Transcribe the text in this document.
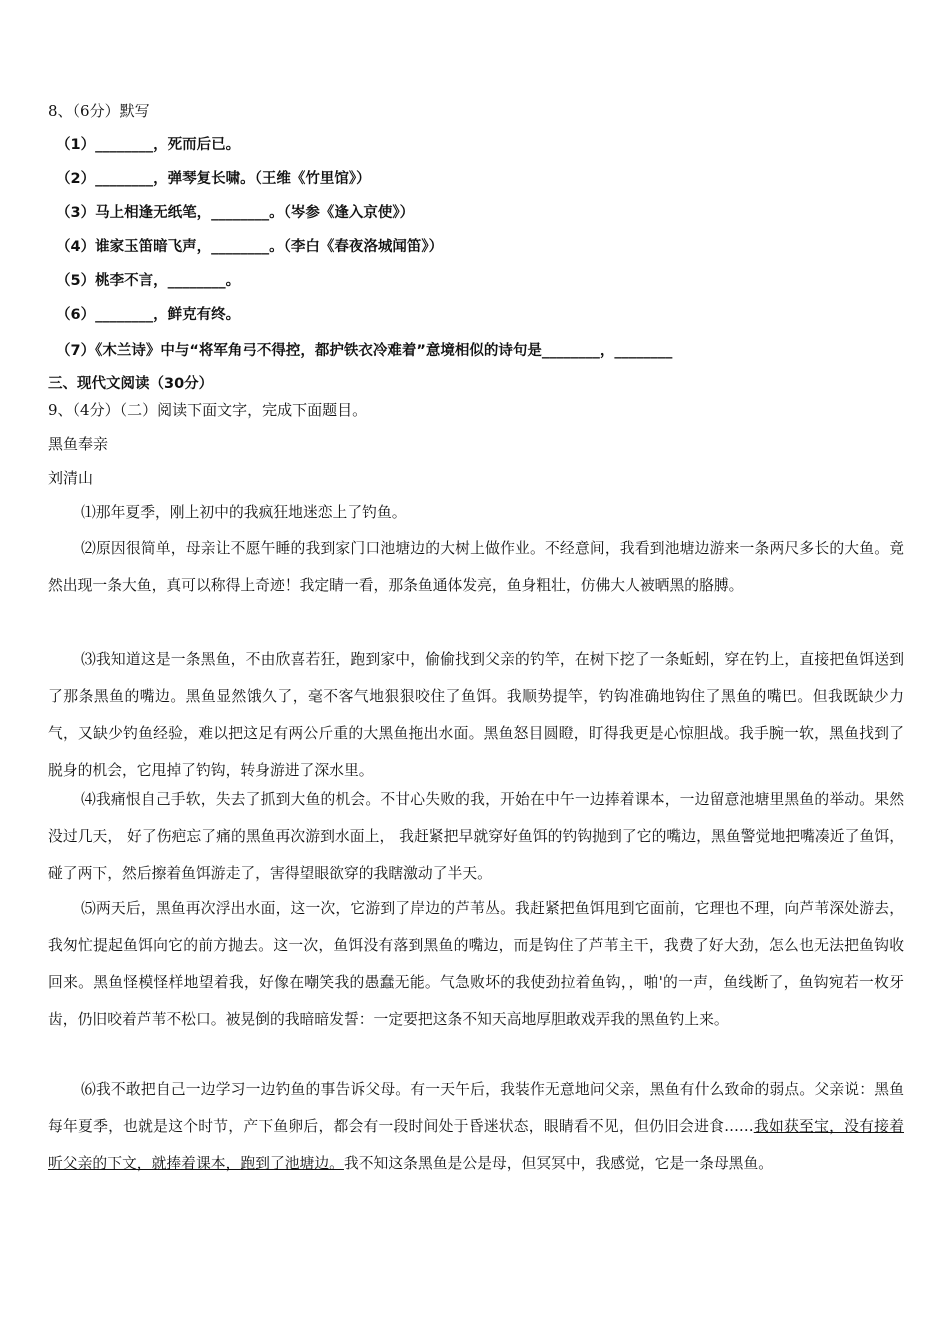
8、（6分）默写
（1）________，死而后已。
（2）________，弹琴复长啸。（王维《竹里馆》）
（3）马上相逢无纸笔，________。（岑参《逢入京使》）
（4）谁家玉笛暗飞声，________。（李白《春夜洛城闻笛》）
（5）桃李不言，________。
（6）________，鲜克有终。
（7）《木兰诗》中与“将军角弓不得控，都护铁衣冷难着”意境相似的诗句是________，________
三、现代文阅读（30分）
9、（4分）（二）阅读下面文字，完成下面题目。
黑鱼奉亲
刘清山
⑴那年夏季，刚上初中的我疯狂地迷恋上了钓鱼。
⑵原因很简单，母亲让不愿午睡的我到家门口池塘边的大树上做作业。不经意间，我看到池塘边游来一条两尺多长的大鱼。竟然出现一条大鱼，真可以称得上奇迹！我定睛一看，那条鱼通体发亮，鱼身粗壮，仿佛大人被晒黑的胳膊。
⑶我知道这是一条黑鱼，不由欣喜若狂，跑到家中，偷偷找到父亲的钓竿，在树下挖了一条蚯蚓，穿在钓上，直接把鱼饵送到了那条黑鱼的嘴边。黑鱼显然饿久了，毫不客气地狠狠咬住了鱼饵。我顺势提竿，钓钩准确地钩住了黑鱼的嘴巴。但我既缺少力气，又缺少钓鱼经验，难以把这足有两公斤重的大黑鱼拖出水面。黑鱼怒目圆瞪，盯得我更是心惊胆战。我手腕一软，黑鱼找到了脱身的机会，它甩掉了钓钩，转身游进了深水里。
⑷我痛恨自己手软，失去了抓到大鱼的机会。不甘心失败的我，开始在中午一边捧着课本，一边留意池塘里黑鱼的举动。果然没过几天， 好了伤疤忘了痛的黑鱼再次游到水面上， 我赶紧把早就穿好鱼饵的钓钩抛到了它的嘴边，黑鱼警觉地把嘴凑近了鱼饵，碰了两下，然后擦着鱼饵游走了，害得望眼欲穿的我瞎激动了半天。
⑸两天后，黑鱼再次浮出水面，这一次，它游到了岸边的芦苇丛。我赶紧把鱼饵甩到它面前，它理也不理，向芦苇深处游去，我匆忙提起鱼饵向它的前方抛去。这一次，鱼饵没有落到黑鱼的嘴边，而是钩住了芦苇主干，我费了好大劲，怎么也无法把鱼钩收回来。黑鱼怪模怪样地望着我，好像在嘲笑我的愚蠢无能。气急败坏的我使劲拉着鱼钩，，啪'的一声，鱼线断了，鱼钩宛若一枚牙齿，仍旧咬着芦苇不松口。被晃倒的我暗暗发誓：一定要把这条不知天高地厚胆敢戏弄我的黑鱼钓上来。
⑹我不敢把自己一边学习一边钓鱼的事告诉父母。有一天午后，我装作无意地问父亲，黑鱼有什么致命的弱点。父亲说：黑鱼每年夏季，也就是这个时节，产下鱼卵后，都会有一段时间处于昏迷状态，眼睛看不见，但仍旧会进食……我如获至宝，没有接着听父亲的下文，就捧着课本，跑到了池塘边。我不知这条黑鱼是公是母，但冥冥中，我感觉，它是一条母黑鱼。
